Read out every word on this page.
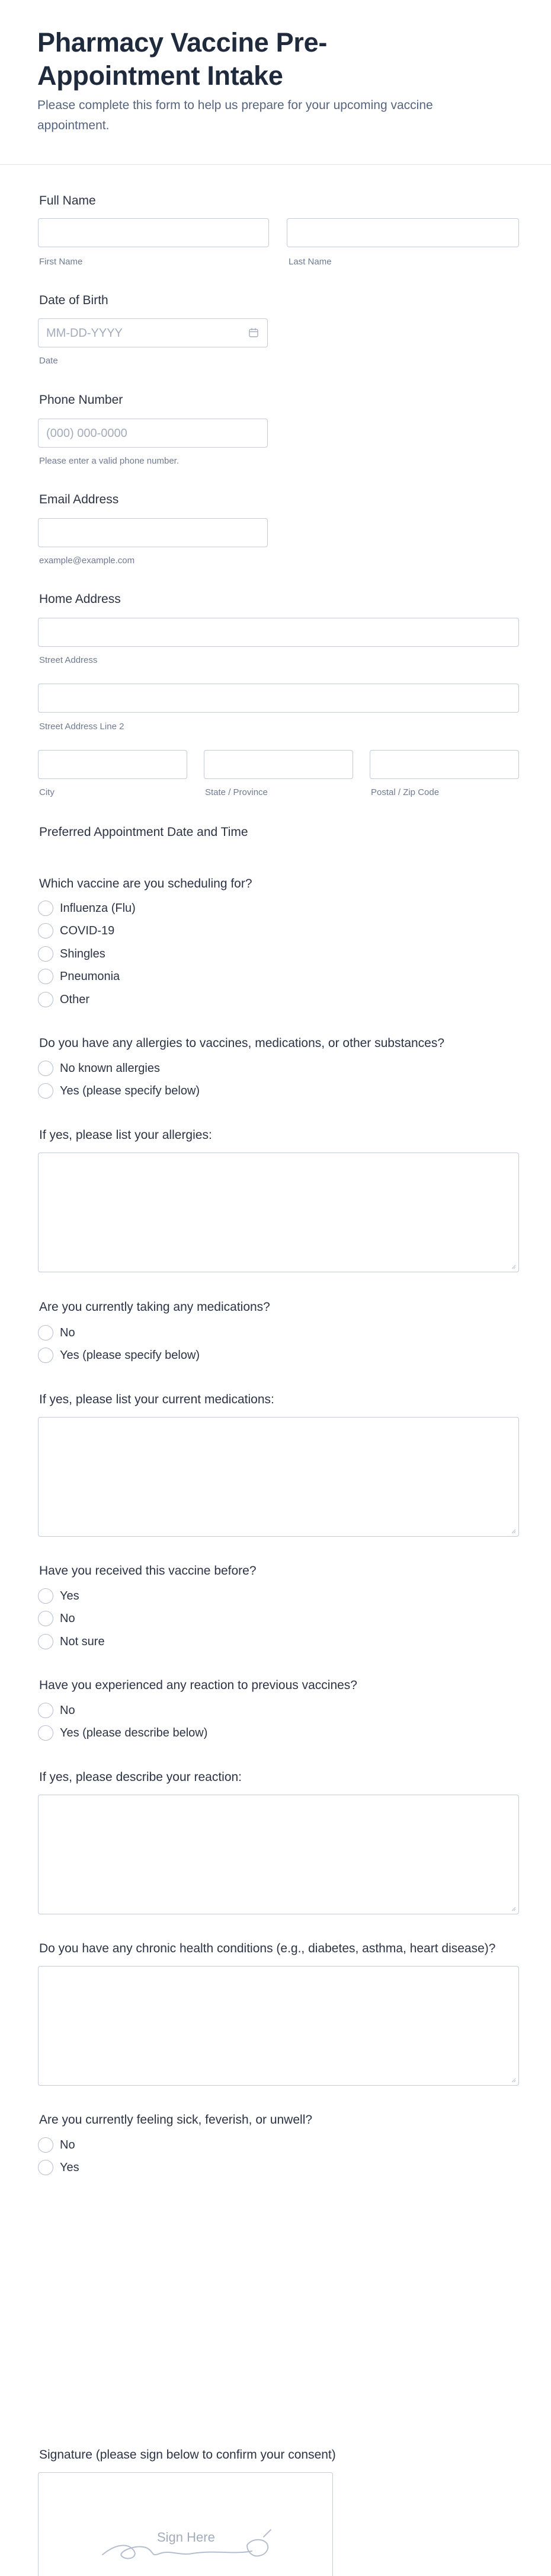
Pharmacy Vaccine Pre-Appointment Intake

Please complete this form to help us prepare for your upcoming vaccine appointment.

Full Name
First Name	Last Name
Date of Birth
MM-DD-YYYY
Date
Phone Number
(000) 000-0000
Please enter a valid phone number.
Email Address
example@example.com
Home Address
Street Address
Street Address Line 2
City	State / Province	Postal / Zip Code
Preferred Appointment Date and Time
Which vaccine are you scheduling for?
Influenza (Flu)
COVID-19
Shingles
Pneumonia
Other
Do you have any allergies to vaccines, medications, or other substances?
No known allergies
Yes (please specify below)
If yes, please list your allergies:
Are you currently taking any medications?
No
Yes (please specify below)
If yes, please list your current medications:
Have you received this vaccine before?
Yes
No
Not sure
Have you experienced any reaction to previous vaccines?
No
Yes (please describe below)
If yes, please describe your reaction:
Do you have any chronic health conditions (e.g., diabetes, asthma, heart disease)?
Are you currently feeling sick, feverish, or unwell?
No
Yes
Signature (please sign below to confirm your consent)
Sign Here
